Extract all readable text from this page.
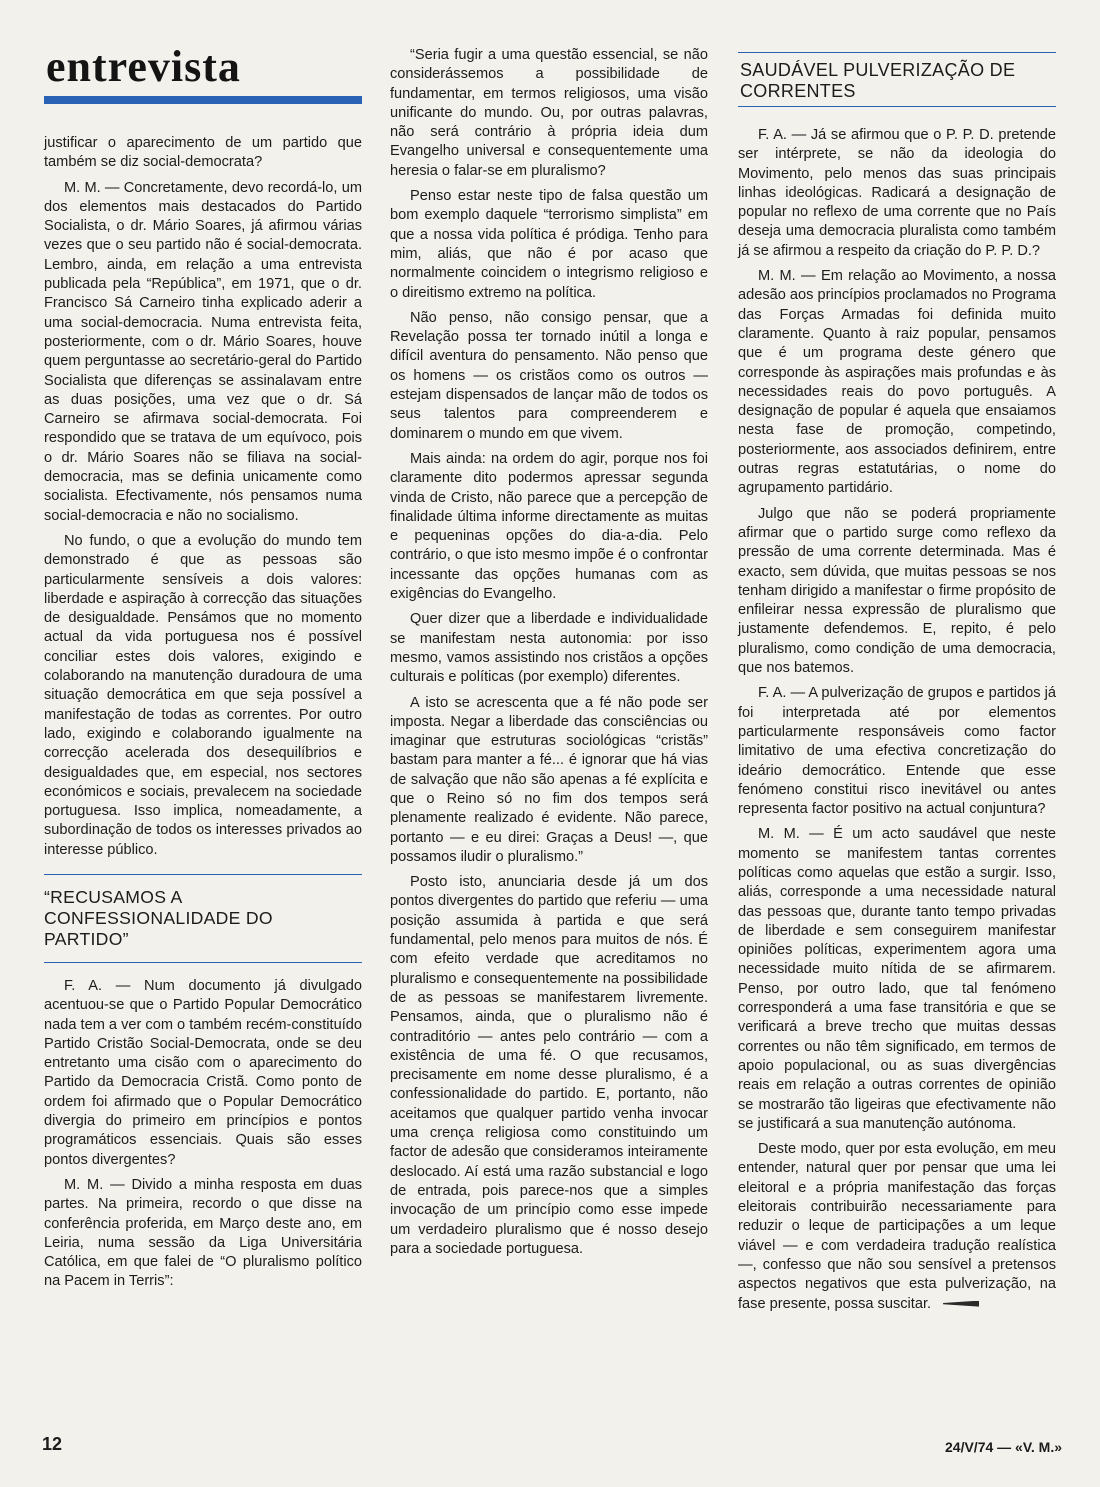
entrevista

justificar o aparecimento de um partido que também se diz social-democrata?

M. M. — Concretamente, devo recordá-lo, um dos elementos mais destacados do Partido Socialista, o dr. Mário Soares, já afirmou várias vezes que o seu partido não é social-democrata. Lembro, ainda, em relação a uma entrevista publicada pela “República”, em 1971, que o dr. Francisco Sá Carneiro tinha explicado aderir a uma social-democracia. Numa entrevista feita, posteriormente, com o dr. Mário Soares, houve quem perguntasse ao secretário-geral do Partido Socialista que diferenças se assinalavam entre as duas posições, uma vez que o dr. Sá Carneiro se afirmava social-democrata. Foi respondido que se tratava de um equívoco, pois o dr. Mário Soares não se filiava na social-democracia, mas se definia unicamente como socialista. Efectivamente, nós pensamos numa social-democracia e não no socialismo.

No fundo, o que a evolução do mundo tem demonstrado é que as pessoas são particularmente sensíveis a dois valores: liberdade e aspiração à correcção das situações de desigualdade. Pensámos que no momento actual da vida portuguesa nos é possível conciliar estes dois valores, exigindo e colaborando na manutenção duradoura de uma situação democrática em que seja possível a manifestação de todas as correntes. Por outro lado, exigindo e colaborando igualmente na correcção acelerada dos desequilíbrios e desigualdades que, em especial, nos sectores económicos e sociais, prevalecem na sociedade portuguesa. Isso implica, nomeadamente, a subordinação de todos os interesses privados ao interesse público.

“RECUSAMOS A CONFESSIONALIDADE DO PARTIDO”

F. A. — Num documento já divulgado acentuou-se que o Partido Popular Democrático nada tem a ver com o também recém-constituído Partido Cristão Social-Democrata, onde se deu entretanto uma cisão com o aparecimento do Partido da Democracia Cristã. Como ponto de ordem foi afirmado que o Popular Democrático divergia do primeiro em princípios e pontos programáticos essenciais. Quais são esses pontos divergentes?

M. M. — Divido a minha resposta em duas partes. Na primeira, recordo o que disse na conferência proferida, em Março deste ano, em Leiria, numa sessão da Liga Universitária Católica, em que falei de “O pluralismo político na Pacem in Terris”:

“Seria fugir a uma questão essencial, se não considerássemos a possibilidade de fundamentar, em termos religiosos, uma visão unificante do mundo. Ou, por outras palavras, não será contrário à própria ideia dum Evangelho universal e consequentemente uma heresia o falar-se em pluralismo?

Penso estar neste tipo de falsa questão um bom exemplo daquele “terrorismo simplista” em que a nossa vida política é pródiga. Tenho para mim, aliás, que não é por acaso que normalmente coincidem o integrismo religioso e o direitismo extremo na política.

Não penso, não consigo pensar, que a Revelação possa ter tornado inútil a longa e difícil aventura do pensamento. Não penso que os homens — os cristãos como os outros — estejam dispensados de lançar mão de todos os seus talentos para compreenderem e dominarem o mundo em que vivem.

Mais ainda: na ordem do agir, porque nos foi claramente dito podermos apressar segunda vinda de Cristo, não parece que a percepção de finalidade última informe directamente as muitas e pequeninas opções do dia-a-dia. Pelo contrário, o que isto mesmo impõe é o confrontar incessante das opções humanas com as exigências do Evangelho.

Quer dizer que a liberdade e individualidade se manifestam nesta autonomia: por isso mesmo, vamos assistindo nos cristãos a opções culturais e políticas (por exemplo) diferentes.

A isto se acrescenta que a fé não pode ser imposta. Negar a liberdade das consciências ou imaginar que estruturas sociológicas “cristãs” bastam para manter a fé... é ignorar que há vias de salvação que não são apenas a fé explícita e que o Reino só no fim dos tempos será plenamente realizado é evidente. Não parece, portanto — e eu direi: Graças a Deus! —, que possamos iludir o pluralismo.”

Posto isto, anunciaria desde já um dos pontos divergentes do partido que referiu — uma posição assumida à partida e que será fundamental, pelo menos para muitos de nós. É com efeito verdade que acreditamos no pluralismo e consequentemente na possibilidade de as pessoas se manifestarem livremente. Pensamos, ainda, que o pluralismo não é contraditório — antes pelo contrário — com a existência de uma fé. O que recusamos, precisamente em nome desse pluralismo, é a confessionalidade do partido. E, portanto, não aceitamos que qualquer partido venha invocar uma crença religiosa como constituindo um factor de adesão que consideramos inteiramente deslocado. Aí está uma razão substancial e logo de entrada, pois parece-nos que a simples invocação de um princípio como esse impede um verdadeiro pluralismo que é nosso desejo para a sociedade portuguesa.

SAUDÁVEL PULVERIZAÇÃO DE CORRENTES

F. A. — Já se afirmou que o P. P. D. pretende ser intérprete, se não da ideologia do Movimento, pelo menos das suas principais linhas ideológicas. Radicará a designação de popular no reflexo de uma corrente que no País deseja uma democracia pluralista como também já se afirmou a respeito da criação do P. P. D.?

M. M. — Em relação ao Movimento, a nossa adesão aos princípios proclamados no Programa das Forças Armadas foi definida muito claramente. Quanto à raiz popular, pensamos que é um programa deste género que corresponde às aspirações mais profundas e às necessidades reais do povo português. A designação de popular é aquela que ensaiamos nesta fase de promoção, competindo, posteriormente, aos associados definirem, entre outras regras estatutárias, o nome do agrupamento partidário.

Julgo que não se poderá propriamente afirmar que o partido surge como reflexo da pressão de uma corrente determinada. Mas é exacto, sem dúvida, que muitas pessoas se nos tenham dirigido a manifestar o firme propósito de enfileirar nessa expressão de pluralismo que justamente defendemos. E, repito, é pelo pluralismo, como condição de uma democracia, que nos batemos.

F. A. — A pulverização de grupos e partidos já foi interpretada até por elementos particularmente responsáveis como factor limitativo de uma efectiva concretização do ideário democrático. Entende que esse fenómeno constitui risco inevitável ou antes representa factor positivo na actual conjuntura?

M. M. — É um acto saudável que neste momento se manifestem tantas correntes políticas como aquelas que estão a surgir. Isso, aliás, corresponde a uma necessidade natural das pessoas que, durante tanto tempo privadas de liberdade e sem conseguirem manifestar opiniões políticas, experimentem agora uma necessidade muito nítida de se afirmarem. Penso, por outro lado, que tal fenómeno corresponderá a uma fase transitória e que se verificará a breve trecho que muitas dessas correntes ou não têm significado, em termos de apoio populacional, ou as suas divergências reais em relação a outras correntes de opinião se mostrarão tão ligeiras que efectivamente não se justificará a sua manutenção autónoma.

Deste modo, quer por esta evolução, em meu entender, natural quer por pensar que uma lei eleitoral e a própria manifestação das forças eleitorais contribuirão necessariamente para reduzir o leque de participações a um leque viável — e com verdadeira tradução realística —, confesso que não sou sensível a pretensos aspectos negativos que esta pulverização, na fase presente, possa suscitar.

12	24/V/74 — «V. M.»
